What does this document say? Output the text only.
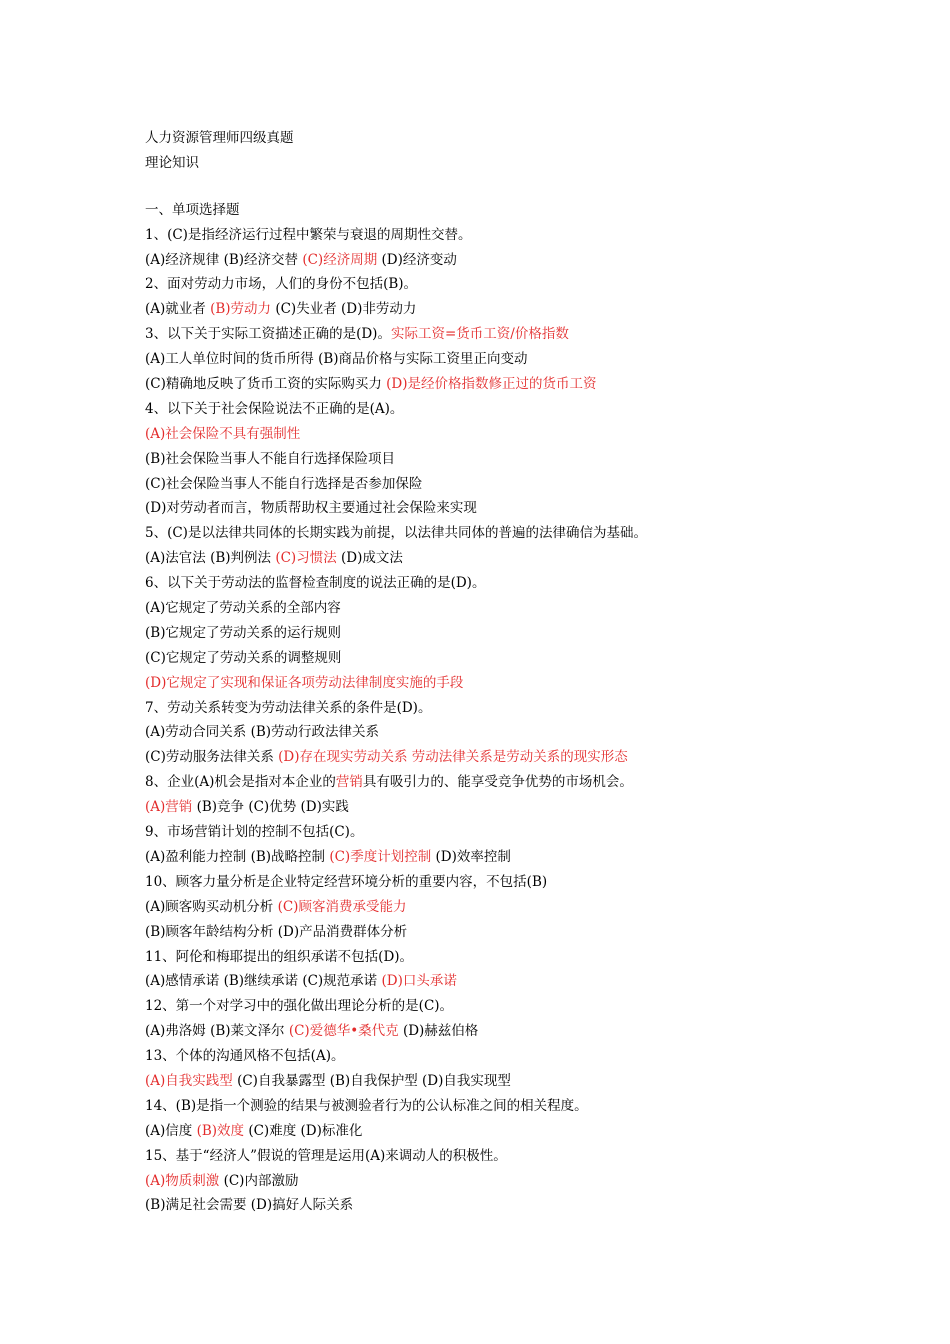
人力资源管理师四级真题
理论知识
一、单项选择题
1、(C)是指经济运行过程中繁荣与衰退的周期性交替。
(A)经济规律 (B)经济交替 (C)经济周期 (D)经济变动
2、面对劳动力市场，人们的身份不包括(B)。
(A)就业者 (B)劳动力 (C)失业者 (D)非劳动力
3、以下关于实际工资描述正确的是(D)。实际工资=货币工资/价格指数
(A)工人单位时间的货币所得 (B)商品价格与实际工资里正向变动
(C)精确地反映了货币工资的实际购买力 (D)是经价格指数修正过的货币工资
4、以下关于社会保险说法不正确的是(A)。
(A)社会保险不具有强制性
(B)社会保险当事人不能自行选择保险项目
(C)社会保险当事人不能自行选择是否参加保险
(D)对劳动者而言，物质帮助权主要通过社会保险来实现
5、(C)是以法律共同体的长期实践为前提，以法律共同体的普遍的法律确信为基础。
(A)法官法 (B)判例法 (C)习惯法 (D)成文法
6、以下关于劳动法的监督检查制度的说法正确的是(D)。
(A)它规定了劳动关系的全部内容
(B)它规定了劳动关系的运行规则
(C)它规定了劳动关系的调整规则
(D)它规定了实现和保证各项劳动法律制度实施的手段
7、劳动关系转变为劳动法律关系的条件是(D)。
(A)劳动合同关系 (B)劳动行政法律关系
(C)劳动服务法律关系 (D)存在现实劳动关系 劳动法律关系是劳动关系的现实形态
8、企业(A)机会是指对本企业的营销具有吸引力的、能享受竞争优势的市场机会。
(A)营销 (B)竞争 (C)优势 (D)实践
9、市场营销计划的控制不包括(C)。
(A)盈利能力控制 (B)战略控制 (C)季度计划控制 (D)效率控制
10、顾客力量分析是企业特定经营环境分析的重要内容，不包括(B)
(A)顾客购买动机分析 (C)顾客消费承受能力
(B)顾客年龄结构分析 (D)产品消费群体分析
11、阿伦和梅耶提出的组织承诺不包括(D)。
(A)感情承诺 (B)继续承诺 (C)规范承诺 (D)口头承诺
12、第一个对学习中的强化做出理论分析的是(C)。
(A)弗洛姆 (B)莱文泽尔 (C)爱德华•桑代克 (D)赫兹伯格
13、个体的沟通风格不包括(A)。
(A)自我实践型 (C)自我暴露型 (B)自我保护型 (D)自我实现型
14、(B)是指一个测验的结果与被测验者行为的公认标准之间的相关程度。
(A)信度 (B)效度 (C)难度 (D)标准化
15、基于“经济人”假说的管理是运用(A)来调动人的积极性。
(A)物质刺激 (C)内部激励
(B)满足社会需要 (D)搞好人际关系
